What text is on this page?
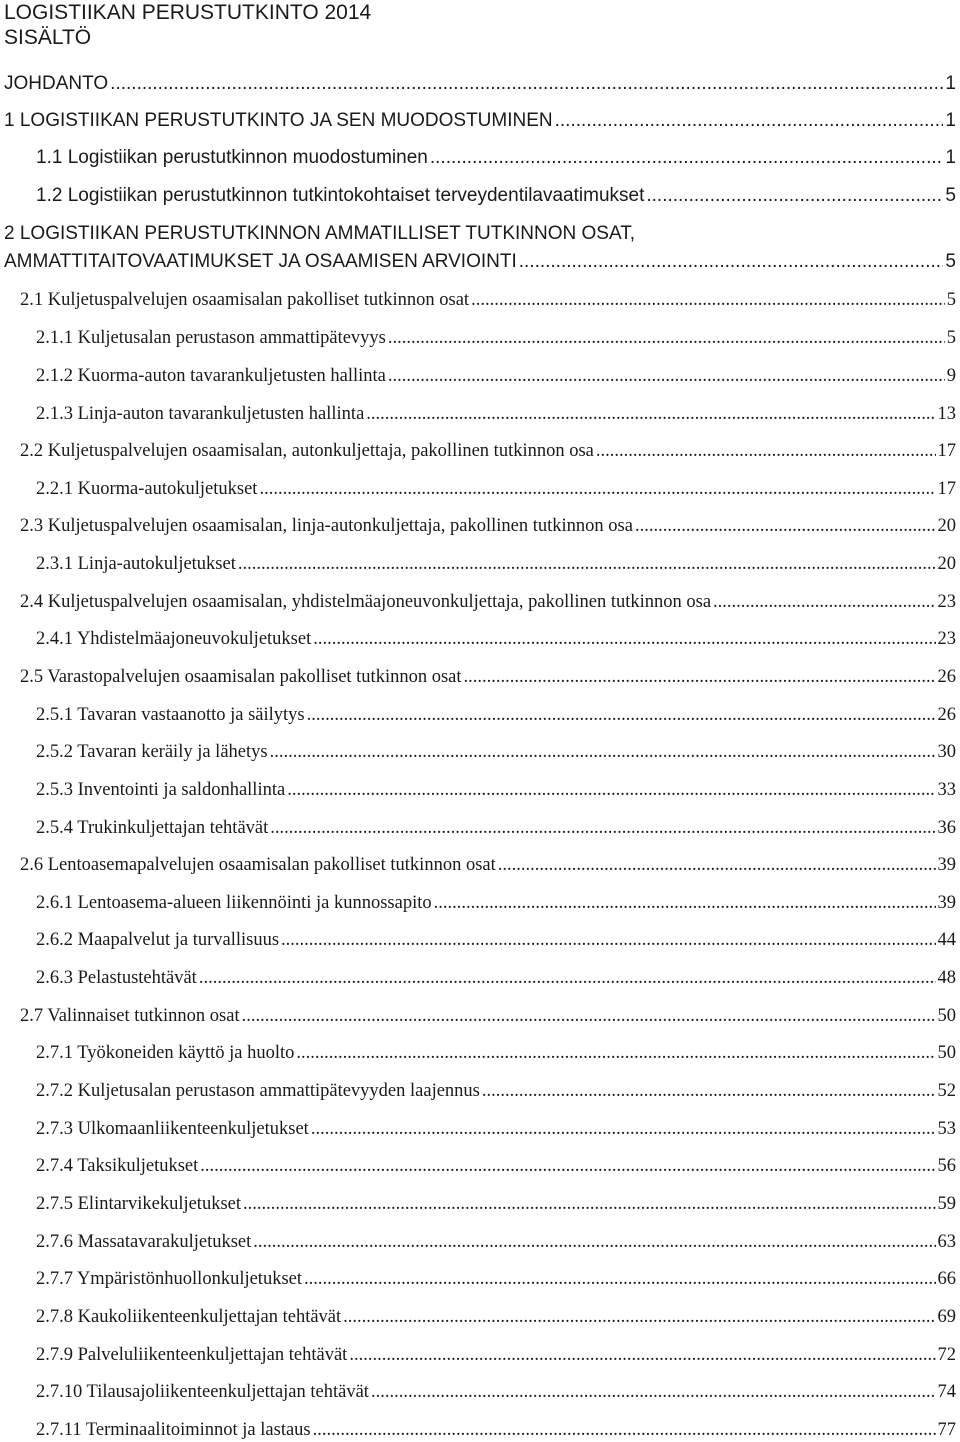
LOGISTIIKAN PERUSTUTKINTO 2014
SISÄLTÖ
JOHDANTO .....	1
1 LOGISTIIKAN PERUSTUTKINTO JA SEN MUODOSTUMINEN .....	1
1.1 Logistiikan perustutkinnon muodostuminen .....	1
1.2 Logistiikan perustutkinnon tutkintokohtaiset terveydentilavaatimukset .....	5
2 LOGISTIIKAN PERUSTUTKINNON AMMATILLISET TUTKINNON OSAT,
AMMATTITAITOVAATIMUKSET JA OSAAMISEN ARVIOINTI .....	5
2.1 Kuljetuspalvelujen osaamisalan pakolliset tutkinnon osat .....	5
2.1.1 Kuljetusalan perustason ammattipätevyys .....	5
2.1.2 Kuorma-auton tavarankuljetusten hallinta .....	9
2.1.3 Linja-auton tavarankuljetusten hallinta .....	13
2.2 Kuljetuspalvelujen osaamisalan, autonkuljettaja, pakollinen tutkinnon osa .....	17
2.2.1 Kuorma-autokuljetukset .....	17
2.3 Kuljetuspalvelujen osaamisalan, linja-autonkuljettaja, pakollinen tutkinnon osa .....	20
2.3.1 Linja-autokuljetukset .....	20
2.4 Kuljetuspalvelujen osaamisalan, yhdistelmäajoneuvonkuljettaja, pakollinen tutkinnon osa .....	23
2.4.1 Yhdistelmäajoneuvokuljetukset .....	23
2.5 Varastopalvelujen osaamisalan pakolliset tutkinnon osat .....	26
2.5.1 Tavaran vastaanotto ja säilytys .....	26
2.5.2 Tavaran keräily ja lähetys .....	30
2.5.3 Inventointi ja saldonhallinta .....	33
2.5.4 Trukinkuljettajan tehtävät .....	36
2.6 Lentoasemapalvelujen osaamisalan pakolliset tutkinnon osat .....	39
2.6.1 Lentoasema-alueen liikennöinti ja kunnossapito .....	39
2.6.2 Maapalvelut ja turvallisuus .....	44
2.6.3 Pelastustehtävät .....	48
2.7 Valinnaiset tutkinnon osat .....	50
2.7.1 Työkoneiden käyttö ja huolto .....	50
2.7.2 Kuljetusalan perustason ammattipätevyyden laajennus .....	52
2.7.3 Ulkomaanliikenteenkuljetukset .....	53
2.7.4 Taksikuljetukset .....	56
2.7.5 Elintarvikekuljetukset .....	59
2.7.6 Massatavarakuljetukset .....	63
2.7.7 Ympäristönhuollonkuljetukset .....	66
2.7.8 Kaukoliikenteenkuljettajan tehtävät .....	69
2.7.9 Palveluliikenteenkuljettajan tehtävät .....	72
2.7.10 Tilausajoliikenteenkuljettajan tehtävät .....	74
2.7.11 Terminaalitoiminnot ja lastaus .....	77
